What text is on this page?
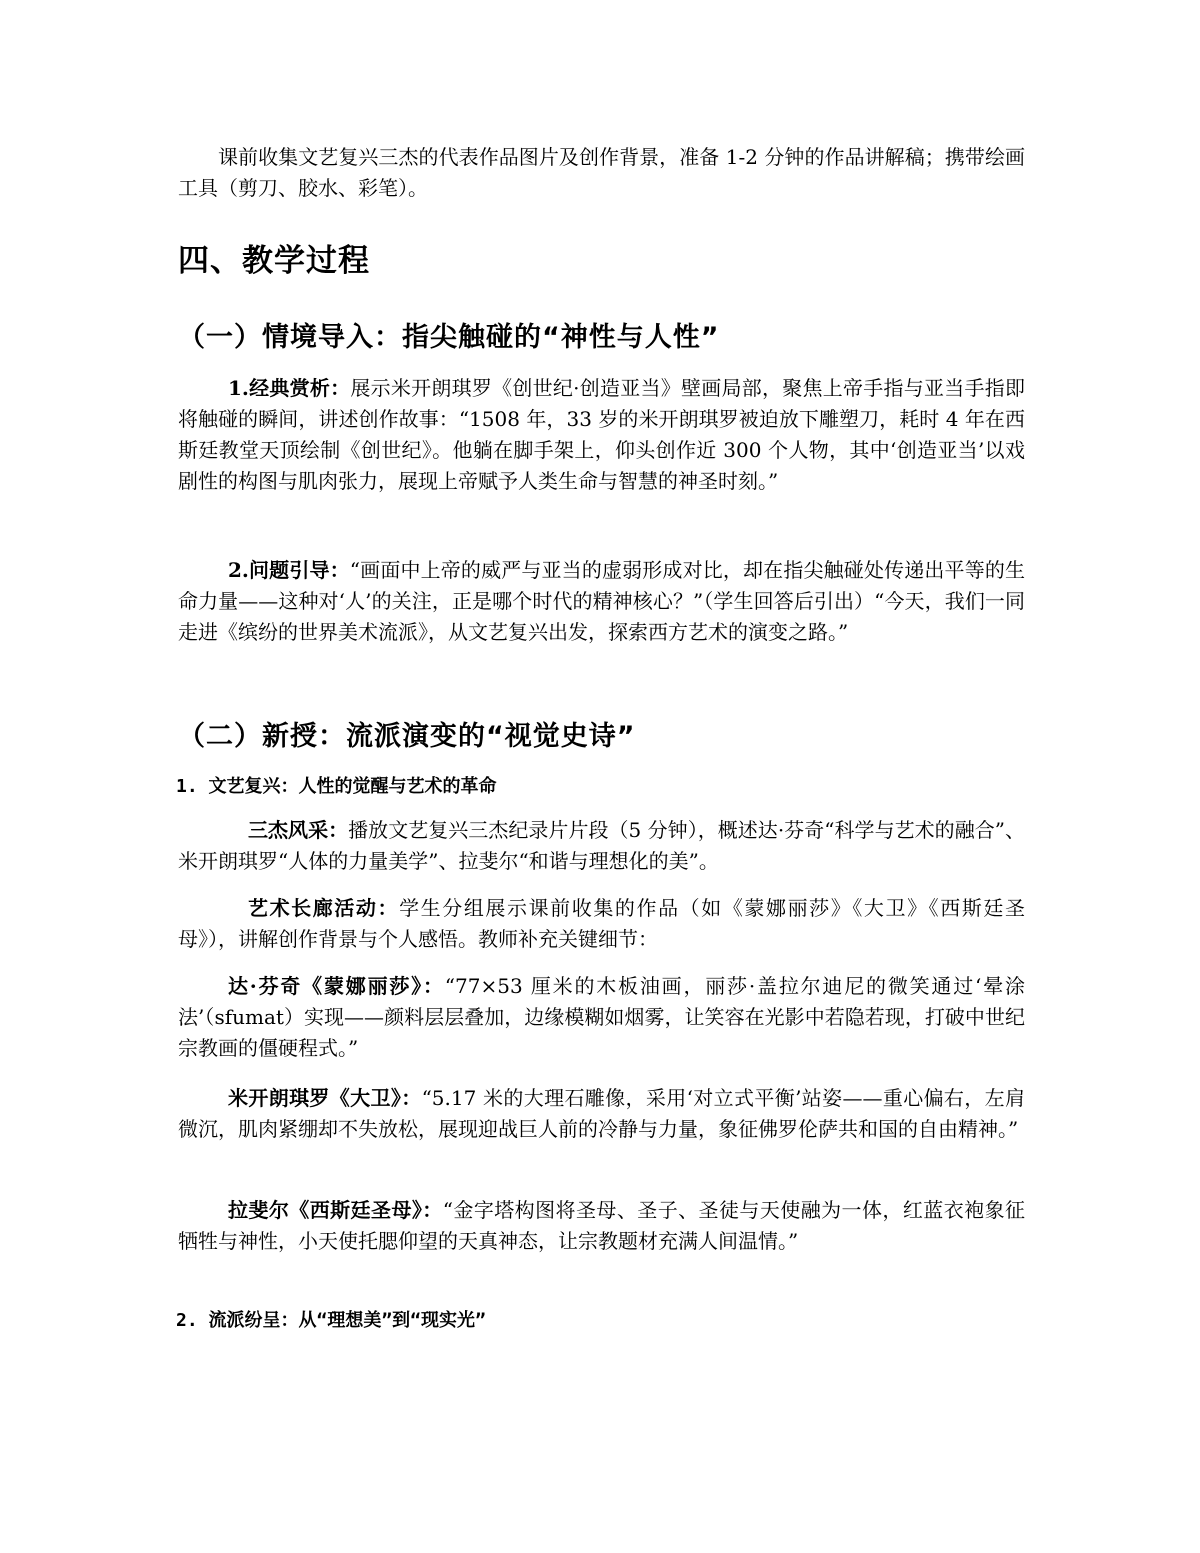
课前收集文艺复兴三杰的代表作品图片及创作背景，准备 1-2 分钟的作品讲解稿；携带绘画工具（剪刀、胶水、彩笔）。

四、教学过程
（一）情境导入：指尖触碰的“神性与人性”

1.经典赏析：展示米开朗琪罗《创世纪·创造亚当》壁画局部，聚焦上帝手指与亚当手指即将触碰的瞬间，讲述创作故事：“1508 年，33 岁的米开朗琪罗被迫放下雕塑刀，耗时 4 年在西斯廷教堂天顶绘制《创世纪》。他躺在脚手架上，仰头创作近 300 个人物，其中‘创造亚当’以戏剧性的构图与肌肉张力，展现上帝赋予人类生命与智慧的神圣时刻。”

2.问题引导：“画面中上帝的威严与亚当的虚弱形成对比，却在指尖触碰处传递出平等的生命力量——这种对‘人’的关注，正是哪个时代的精神核心？”（学生回答后引出）“今天，我们一同走进《缤纷的世界美术流派》，从文艺复兴出发，探索西方艺术的演变之路。”

（二）新授：流派演变的“视觉史诗”
1. 文艺复兴：人性的觉醒与艺术的革命

三杰风采：播放文艺复兴三杰纪录片片段（5 分钟），概述达·芬奇“科学与艺术的融合”、米开朗琪罗“人体的力量美学”、拉斐尔“和谐与理想化的美”。

艺术长廊活动：学生分组展示课前收集的作品（如《蒙娜丽莎》《大卫》《西斯廷圣母》），讲解创作背景与个人感悟。教师补充关键细节：

达·芬奇《蒙娜丽莎》：“77×53 厘米的木板油画，丽莎·盖拉尔迪尼的微笑通过‘晕涂法’（sfumat）实现——颜料层层叠加，边缘模糊如烟雾，让笑容在光影中若隐若现，打破中世纪宗教画的僵硬程式。”

米开朗琪罗《大卫》：“5.17 米的大理石雕像，采用‘对立式平衡’站姿——重心偏右，左肩微沉，肌肉紧绷却不失放松，展现迎战巨人前的冷静与力量，象征佛罗伦萨共和国的自由精神。”

拉斐尔《西斯廷圣母》：“金字塔构图将圣母、圣子、圣徒与天使融为一体，红蓝衣袍象征牺牲与神性，小天使托腮仰望的天真神态，让宗教题材充满人间温情。”

2. 流派纷呈：从“理想美”到“现实光”
